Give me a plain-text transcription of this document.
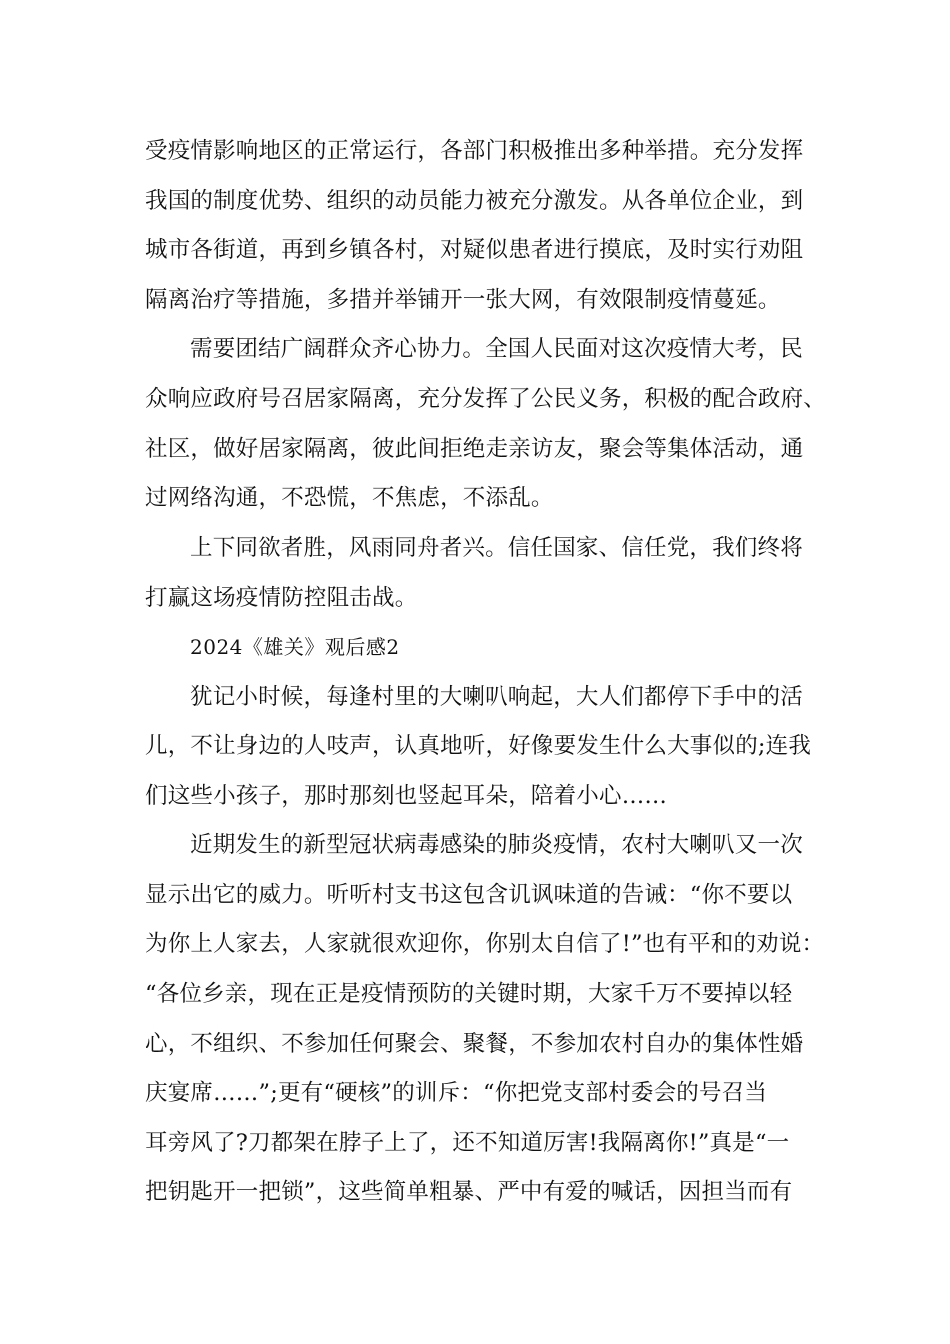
受疫情影响地区的正常运行，各部门积极推出多种举措。充分发挥
我国的制度优势、组织的动员能力被充分激发。从各单位企业，到
城市各街道，再到乡镇各村，对疑似患者进行摸底，及时实行劝阻
隔离治疗等措施，多措并举铺开一张大网，有效限制疫情蔓延。
需要团结广阔群众齐心协力。全国人民面对这次疫情大考，民
众响应政府号召居家隔离，充分发挥了公民义务，积极的配合政府、
社区，做好居家隔离，彼此间拒绝走亲访友，聚会等集体活动，通
过网络沟通，不恐慌，不焦虑，不添乱。
上下同欲者胜，风雨同舟者兴。信任国家、信任党，我们终将
打赢这场疫情防控阻击战。
2024《雄关》观后感2
犹记小时候，每逢村里的大喇叭响起，大人们都停下手中的活
儿，不让身边的人吱声，认真地听，好像要发生什么大事似的;连我
们这些小孩子，那时那刻也竖起耳朵，陪着小心……
近期发生的新型冠状病毒感染的肺炎疫情，农村大喇叭又一次
显示出它的威力。听听村支书这包含讥讽味道的告诫：“你不要以
为你上人家去，人家就很欢迎你，你别太自信了!”也有平和的劝说：
“各位乡亲，现在正是疫情预防的关键时期，大家千万不要掉以轻
心，不组织、不参加任何聚会、聚餐，不参加农村自办的集体性婚
庆宴席……”;更有“硬核”的训斥：“你把党支部村委会的号召当
耳旁风了?刀都架在脖子上了，还不知道厉害!我隔离你!”真是“一
把钥匙开一把锁”，这些简单粗暴、严中有爱的喊话，因担当而有
